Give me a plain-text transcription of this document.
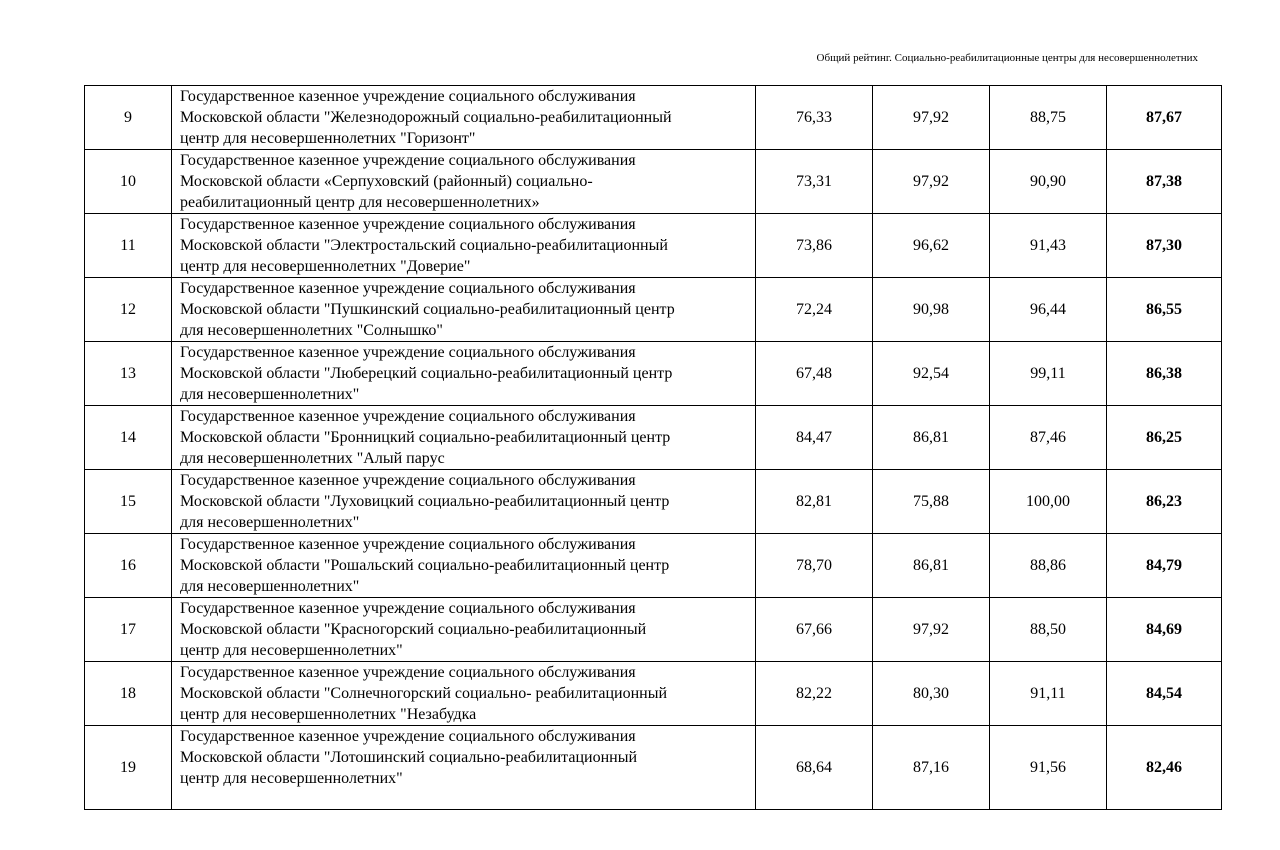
Общий рейтинг. Социально-реабилитационные центры для несовершеннолетних
9	Государственное казенное учреждение социального обслуживания
Московской области "Железнодорожный социально-реабилитационный
центр для несовершеннолетних "Горизонт"	76,33	97,92	88,75	87,67
10	Государственное казенное учреждение социального обслуживания
Московской области «Серпуховский (районный) социально-
реабилитационный центр для несовершеннолетних»	73,31	97,92	90,90	87,38
11	Государственное казенное учреждение социального обслуживания
Московской области "Электростальский социально-реабилитационный
центр для несовершеннолетних "Доверие"	73,86	96,62	91,43	87,30
12	Государственное казенное учреждение социального обслуживания
Московской области "Пушкинский социально-реабилитационный центр
для несовершеннолетних "Солнышко"	72,24	90,98	96,44	86,55
13	Государственное казенное учреждение социального обслуживания
Московской области "Люберецкий социально-реабилитационный центр
для несовершеннолетних"	67,48	92,54	99,11	86,38
14	Государственное казенное учреждение социального обслуживания
Московской области "Бронницкий социально-реабилитационный центр
для несовершеннолетних "Алый парус	84,47	86,81	87,46	86,25
15	Государственное казенное учреждение социального обслуживания
Московской области "Луховицкий социально-реабилитационный центр
для несовершеннолетних"	82,81	75,88	100,00	86,23
16	Государственное казенное учреждение социального обслуживания
Московской области "Рошальский социально-реабилитационный центр
для несовершеннолетних"	78,70	86,81	88,86	84,79
17	Государственное казенное учреждение социального обслуживания
Московской области "Красногорский социально-реабилитационный
центр для несовершеннолетних"	67,66	97,92	88,50	84,69
18	Государственное казенное учреждение социального обслуживания
Московской области "Солнечногорский социально- реабилитационный
центр для несовершеннолетних "Незабудка	82,22	80,30	91,11	84,54
19	Государственное казенное учреждение социального обслуживания
Московской области "Лотошинский социально-реабилитационный
центр для несовершеннолетних"	68,64	87,16	91,56	82,46
